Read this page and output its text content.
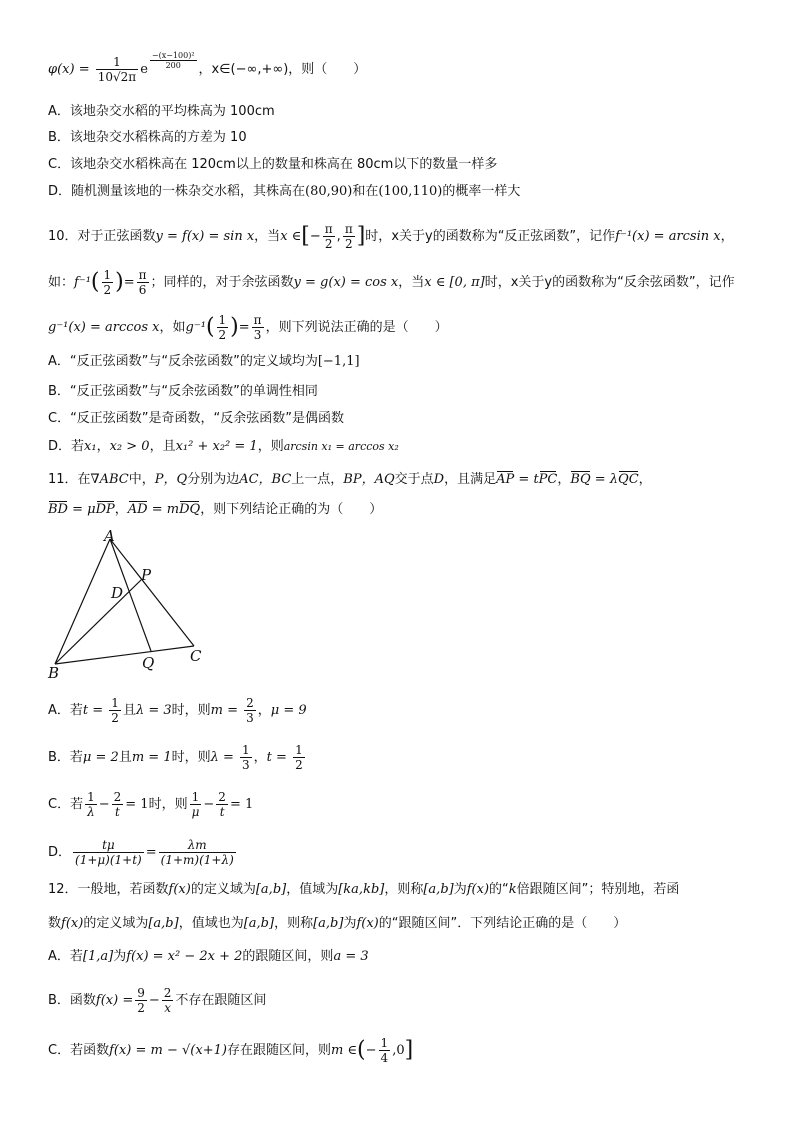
$\varphi(x) = \frac{1}{10√2\pi}$ e $\frac{\text{−(x−100)²}}{200}$ ，x∈(−∞,+∞)，则（　　）
A．该地杂交水稻的平均株高为 100cm
B．该地杂交水稻株高的方差为 10
C．该地杂交水稻株高在 120cm以上的数量和株高在 80cm以下的数量一样多
D．随机测量该地的一株杂交水稻，其株高在(80,90)和在(100,110)的概率一样大
10．对于正弦函数y = f(x) = sin x，当x ∈[− $\frac{\pi}{2}$ , $\frac{\pi}{2}$ ]时，x关于y的函数称为“反正弦函数”，记作f⁻¹(x) = arcsin x，
如：$f^{-1}( \frac{1}{2}$ )= $\frac{\pi}{6}$ ；同样的，对于余弦函数y = g(x) = cos x，当x ∈ [0, π]时，x关于y的函数称为“反余弦函数”，记作
g⁻¹(x) = arccos x，如$g^{-1}( \frac{1}{2}$ )= $\frac{\pi}{3}$ ，则下列说法正确的是（　　）
A．“反正弦函数”与“反余弦函数”的定义域均为[−1,1]
B．“反正弦函数”与“反余弦函数”的单调性相同
C．“反正弦函数”是奇函数，“反余弦函数”是偶函数
D．若x₁，x₂ > 0，且x₁² + x₂² = 1，则arcsin x₁ = arccos x₂
11．在∇ABC中，P，Q分别为边AC，BC上一点，BP，AQ交于点D，且满足AP = tPC，BQ = λQC，
BD = μDP，AD = mDQ，则下列结论正确的为（　　）
A
P
D
B
Q C
A．若$t = \frac{1}{2}$ 且λ = 3时，则$m = \frac{2}{3}$ ，μ = 9
B．若μ = 2且m = 1时，则$\lambda = \frac{1}{3}$ ，$t = \frac{1}{2}$
C．若 $\frac{1}{\lambda} - \frac{2}{t} = 1$时，则 $\frac{1}{\mu} - \frac{2}{t} = 1$
D． $\frac{t\mu}{(1+\mu)(1+t)} = \frac{\lambda m}{(1+m)(1+\lambda)}$
12．一般地，若函数f(x)的定义域为[a,b]，值域为[ka,kb]，则称[a,b]为f(x)的“k倍跟随区间”；特别地，若函
数f(x)的定义域为[a,b]，值域也为[a,b]，则称[a,b]为f(x)的“跟随区间”．下列结论正确的是（　　）
A．若[1,a]为f(x) = x² − 2x + 2的跟随区间，则a = 3
B．函数$f(x) = \frac{9}{2} - \frac{2}{x}$ 不存在跟随区间
C．若函数f(x) = m − √(x+1)存在跟随区间，则m ∈(− $\frac{1}{4} ,0$]
